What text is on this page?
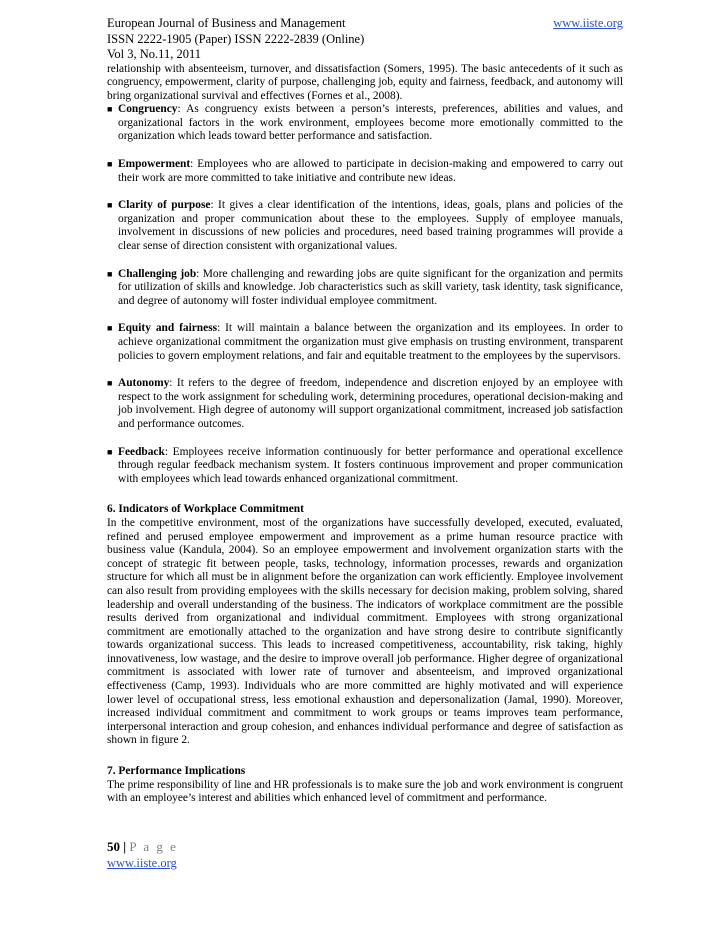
European Journal of Business and Management	www.iiste.org
ISSN 2222-1905 (Paper) ISSN 2222-2839 (Online)
Vol 3, No.11, 2011

relationship with absenteeism, turnover, and dissatisfaction (Somers, 1995). The basic antecedents of it such as congruency, empowerment, clarity of purpose, challenging job, equity and fairness, feedback, and autonomy will bring organizational survival and effectives (Fornes et al., 2008).

■ Congruency: As congruency exists between a person’s interests, preferences, abilities and values, and organizational factors in the work environment, employees become more emotionally committed to the organization which leads toward better performance and satisfaction.
■ Empowerment: Employees who are allowed to participate in decision-making and empowered to carry out their work are more committed to take initiative and contribute new ideas.
■ Clarity of purpose: It gives a clear identification of the intentions, ideas, goals, plans and policies of the organization and proper communication about these to the employees. Supply of employee manuals, involvement in discussions of new policies and procedures, need based training programmes will provide a clear sense of direction consistent with organizational values.
■ Challenging job: More challenging and rewarding jobs are quite significant for the organization and permits for utilization of skills and knowledge. Job characteristics such as skill variety, task identity, task significance, and degree of autonomy will foster individual employee commitment.
■ Equity and fairness: It will maintain a balance between the organization and its employees. In order to achieve organizational commitment the organization must give emphasis on trusting environment, transparent policies to govern employment relations, and fair and equitable treatment to the employees by the supervisors.
■ Autonomy: It refers to the degree of freedom, independence and discretion enjoyed by an employee with respect to the work assignment for scheduling work, determining procedures, operational decision-making and job involvement. High degree of autonomy will support organizational commitment, increased job satisfaction and performance outcomes.
■ Feedback: Employees receive information continuously for better performance and operational excellence through regular feedback mechanism system. It fosters continuous improvement and proper communication with employees which lead towards enhanced organizational commitment.
6. Indicators of Workplace Commitment

In the competitive environment, most of the organizations have successfully developed, executed, evaluated, refined and perused employee empowerment and improvement as a prime human resource practice with business value (Kandula, 2004). So an employee empowerment and involvement organization starts with the concept of strategic fit between people, tasks, technology, information processes, rewards and organization structure for which all must be in alignment before the organization can work efficiently. Employee involvement can also result from providing employees with the skills necessary for decision making, problem solving, shared leadership and overall understanding of the business. The indicators of workplace commitment are the possible results derived from organizational and individual commitment. Employees with strong organizational commitment are emotionally attached to the organization and have strong desire to contribute significantly towards organizational success. This leads to increased competitiveness, accountability, risk taking, highly innovativeness, low wastage, and the desire to improve overall job performance. Higher degree of organizational commitment is associated with lower rate of turnover and absenteeism, and improved organizational effectiveness (Camp, 1993). Individuals who are more committed are highly motivated and will experience lower level of occupational stress, less emotional exhaustion and depersonalization (Jamal, 1990). Moreover, increased individual commitment and commitment to work groups or teams improves team performance, interpersonal interaction and group cohesion, and enhances individual performance and degree of satisfaction as shown in figure 2.

7. Performance Implications

The prime responsibility of line and HR professionals is to make sure the job and work environment is congruent with an employee’s interest and abilities which enhanced level of commitment and performance.

50 | P a g e
www.iiste.org
